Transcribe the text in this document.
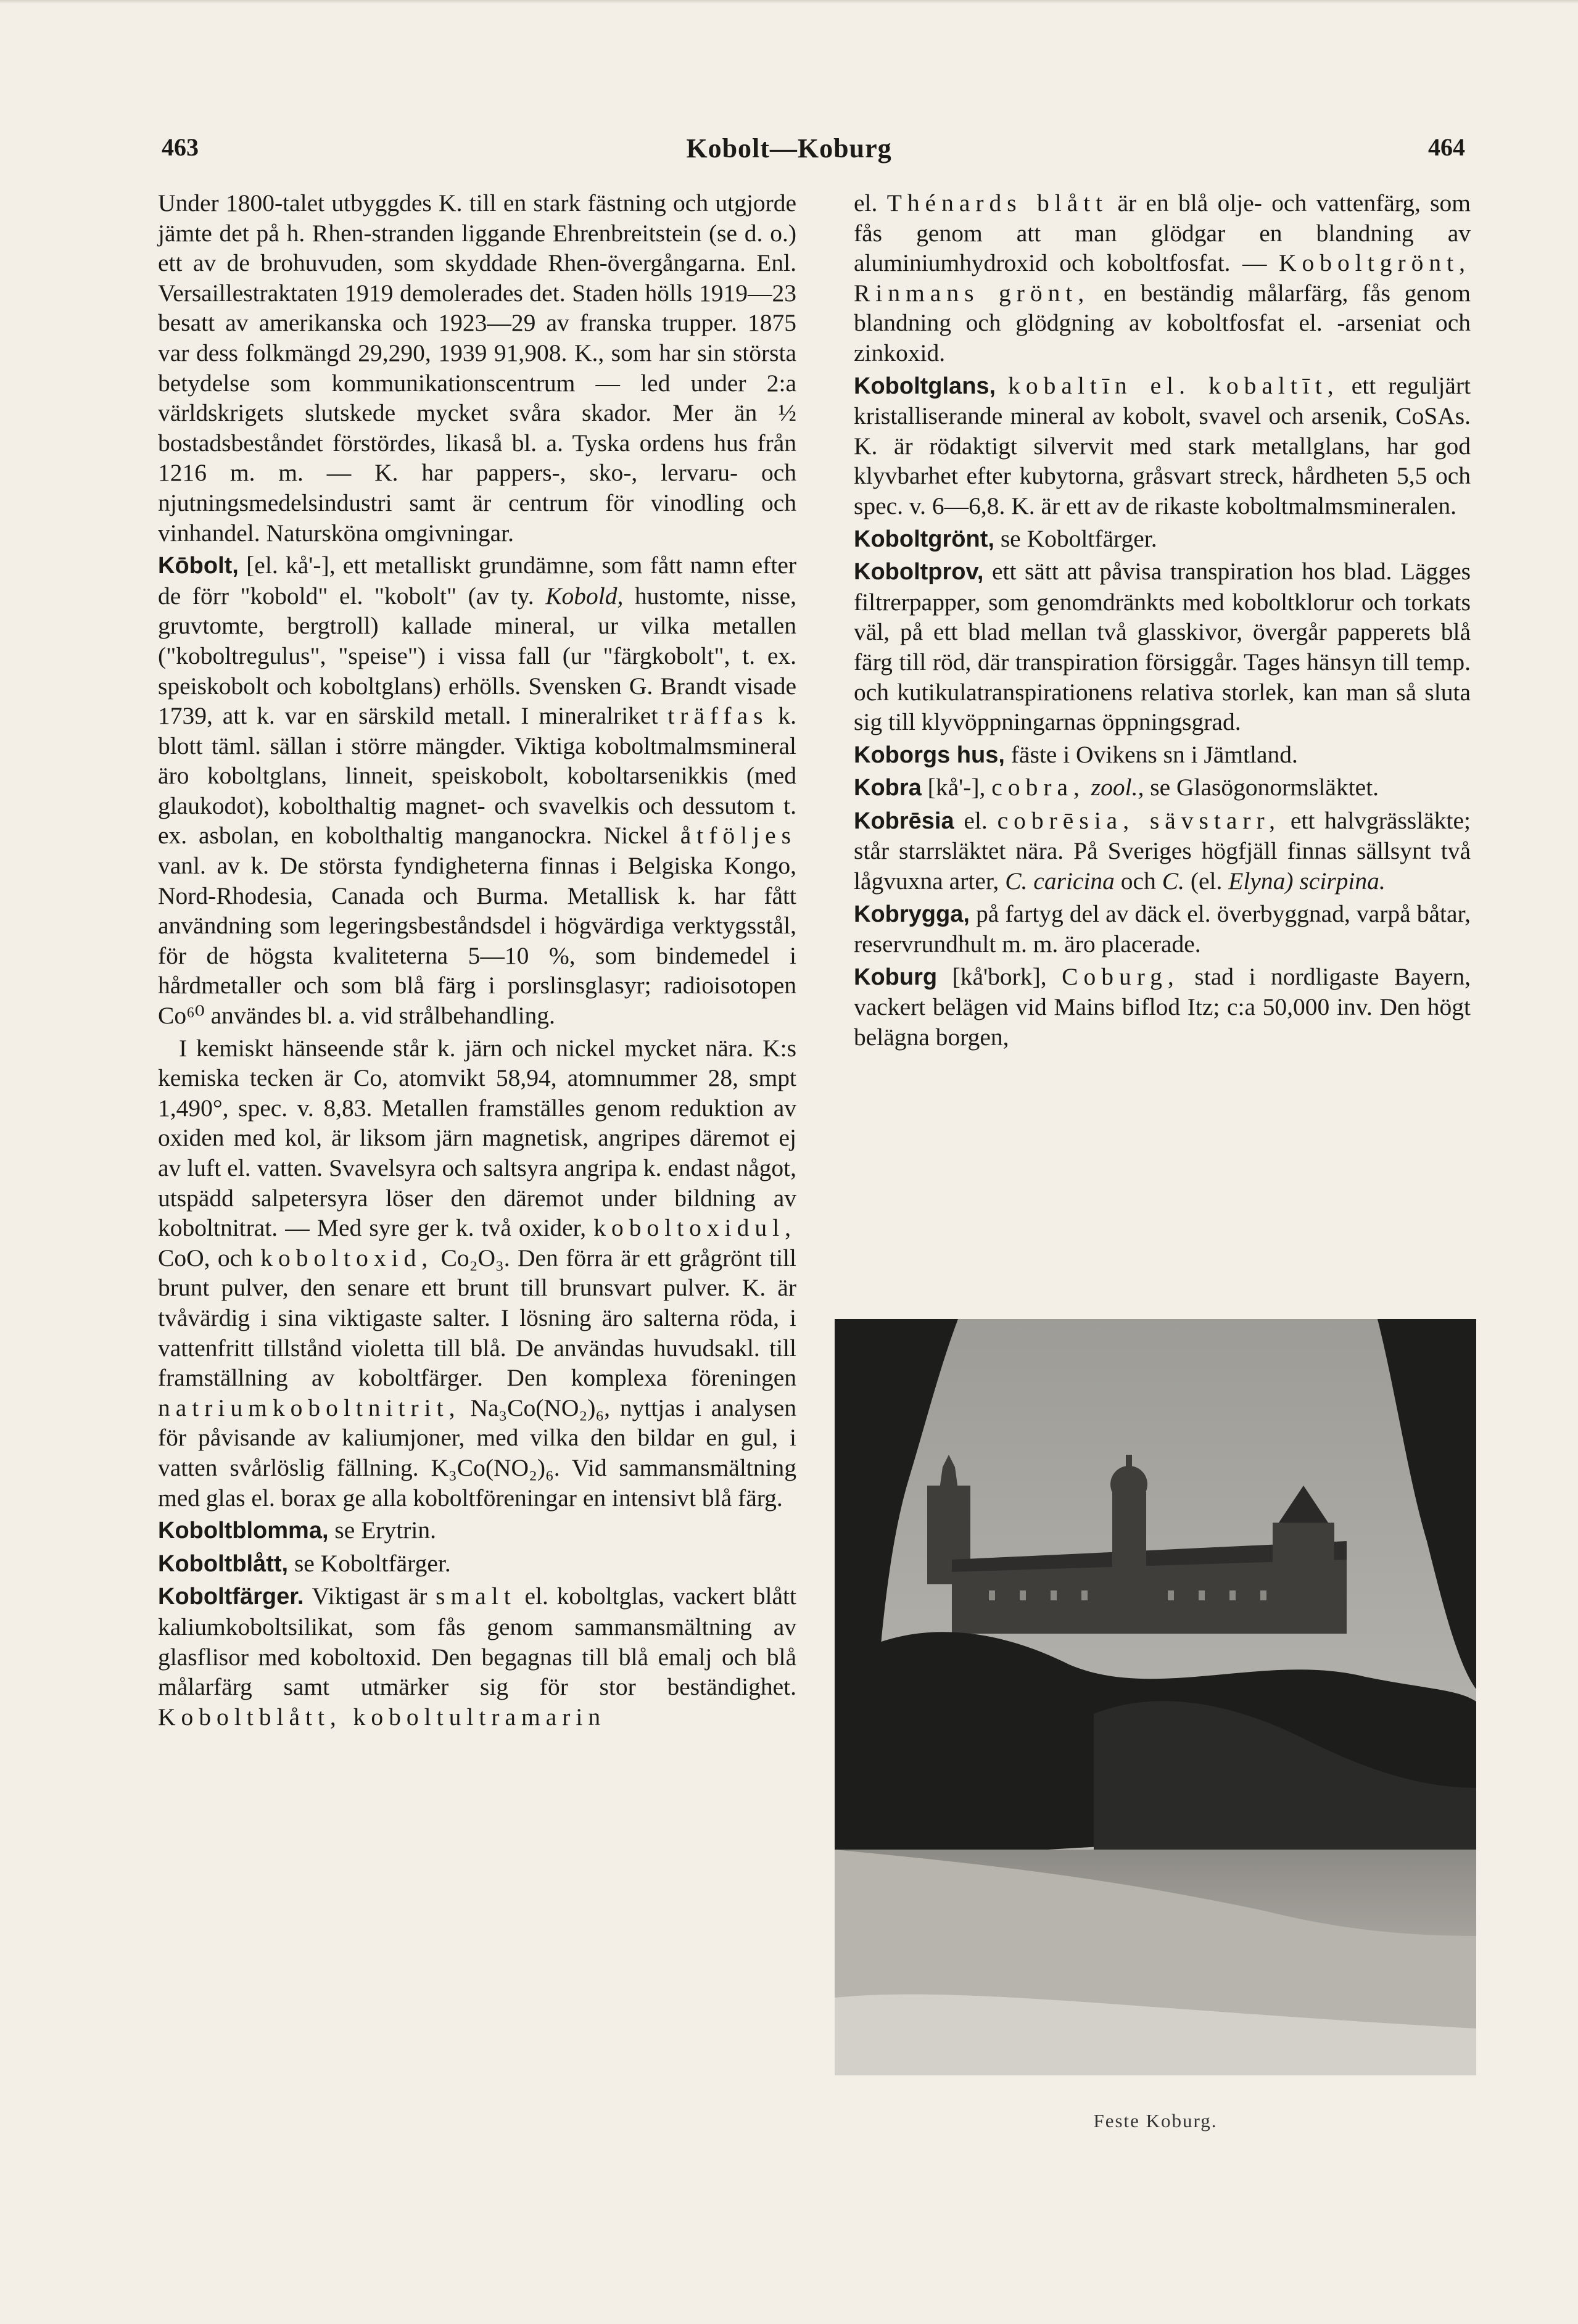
463	Kobolt—Koburg	464

Under 1800-talet utbyggdes K. till en stark fästning och utgjorde jämte det på h. Rhen-stranden liggande Ehrenbreitstein (se d. o.) ett av de brohuvuden, som skyddade Rhen-övergångarna. Enl. Versaillestraktaten 1919 demolerades det. Staden hölls 1919—23 besatt av amerikanska och 1923—29 av franska trupper. 1875 var dess folkmängd 29,290, 1939 91,908. K., som har sin största betydelse som kommunikationscentrum — led under 2:a världskrigets slutskede mycket svåra skador. Mer än ½ bostadsbeståndet förstördes, likaså bl. a. Tyska ordens hus från 1216 m. m. — K. har pappers-, sko-, lervaru- och njutningsmedelsindustri samt är centrum för vinodling och vinhandel. Natursköna omgivningar.

Kōbolt, [el. kå'-], ett metalliskt grundämne, som fått namn efter de förr "kobold" el. "kobolt" (av ty. Kobold, hustomte, nisse, gruvtomte, bergtroll) kallade mineral, ur vilka metallen ("koboltregulus", "speise") i vissa fall (ur "färgkobolt", t. ex. speiskobolt och koboltglans) erhölls. Svensken G. Brandt visade 1739, att k. var en särskild metall. I mineralriket träffas k. blott täml. sällan i större mängder. Viktiga koboltmalmsmineral äro koboltglans, linneit, speiskobolt, koboltarsenikkis (med glaukodot), kobolthaltig magnet- och svavelkis och dessutom t. ex. asbolan, en kobolthaltig manganockra. Nickel åtföljes vanl. av k. De största fyndigheterna finnas i Belgiska Kongo, Nord-Rhodesia, Canada och Burma. Metallisk k. har fått användning som legeringsbeståndsdel i högvärdiga verktygsstål, för de högsta kvaliteterna 5—10 %, som bindemedel i hårdmetaller och som blå färg i porslinsglasyr; radioisotopen Co⁶⁰ användes bl. a. vid strålbehandling.

I kemiskt hänseende står k. järn och nickel mycket nära. K:s kemiska tecken är Co, atomvikt 58,94, atomnummer 28, smpt 1,490°, spec. v. 8,83. Metallen framställes genom reduktion av oxiden med kol, är liksom järn magnetisk, angripes däremot ej av luft el. vatten. Svavelsyra och saltsyra angripa k. endast något, utspädd salpetersyra löser den däremot under bildning av koboltnitrat. — Med syre ger k. två oxider, koboltoxidul, CoO, och koboltoxid, Co₂O₃. Den förra är ett grågrönt till brunt pulver, den senare ett brunt till brunsvart pulver. K. är tvåvärdig i sina viktigaste salter. I lösning äro salterna röda, i vattenfritt tillstånd violetta till blå. De användas huvudsakl. till framställning av koboltfärger. Den komplexa föreningen natriumkoboltnitrit, Na₃Co(NO₂)₆, nyttjas i analysen för påvisande av kaliumjoner, med vilka den bildar en gul, i vatten svårlöslig fällning. K₃Co(NO₂)₆. Vid sammansmältning med glas el. borax ge alla koboltföreningar en intensivt blå färg.

Koboltblomma, se Erytrin.

Koboltblått, se Koboltfärger.

Koboltfärger. Viktigast är smalt el. koboltglas, vackert blått kaliumkoboltsilikat, som fås genom sammansmältning av glasflisor med koboltoxid. Den begagnas till blå emalj och blå målarfärg samt utmärker sig för stor beständighet. Koboltblått, koboltultramarin

el. Thénards blått är en blå olje- och vattenfärg, som fås genom att man glödgar en blandning av aluminiumhydroxid och koboltfosfat. — Koboltgrönt, Rinmans grönt, en beständig målarfärg, fås genom blandning och glödgning av koboltfosfat el. -arseniat och zinkoxid.

Koboltglans, kobaltīn el. kobaltīt, ett reguljärt kristalliserande mineral av kobolt, svavel och arsenik, CoSAs. K. är rödaktigt silvervit med stark metallglans, har god klyvbarhet efter kubytorna, gråsvart streck, hårdheten 5,5 och spec. v. 6—6,8. K. är ett av de rikaste koboltmalmsmineralen.

Koboltgrönt, se Koboltfärger.

Koboltprov, ett sätt att påvisa transpiration hos blad. Lägges filtrerpapper, som genomdränkts med koboltklorur och torkats väl, på ett blad mellan två glasskivor, övergår papperets blå färg till röd, där transpiration försiggår. Tages hänsyn till temp. och kutikulatranspirationens relativa storlek, kan man så sluta sig till klyvöppningarnas öppningsgrad.

Koborgs hus, fäste i Ovikens sn i Jämtland.

Kobra [kå'-], cobra, zool., se Glasögonormsläktet.

Kobrēsia el. cobrēsia, sävstarr, ett halvgrässläkte; står starrsläktet nära. På Sveriges högfjäll finnas sällsynt två lågvuxna arter, C. caricina och C. (el. Elyna) scirpina.

Kobrygga, på fartyg del av däck el. överbyggnad, varpå båtar, reservrundhult m. m. äro placerade.

Koburg [kå'bork], Coburg, stad i nordligaste Bayern, vackert belägen vid Mains biflod Itz; c:a 50,000 inv. Den högt belägna borgen,

Feste Koburg.
